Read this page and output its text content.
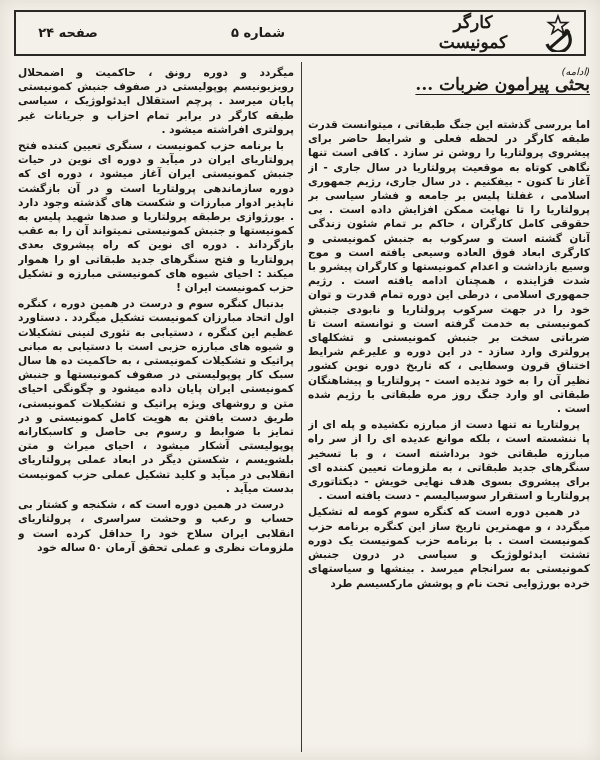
کارگر کمونیست
شماره ۵
صفحه ۲۴
(ادامه)
بحثی پیرامون ضربات ...

اما بررسی گذشته این جنگ طبقاتی ، میتوانست قدرت طبقه کارگر در لحظه فعلی و شرایط حاضر برای پیشروی پرولتاریا را روشن تر سازد . کافی است تنها نگاهی کوتاه به موقعیت پرولتاریا در سال جاری - از آغاز تا کنون - بیفکنیم . در سال جاری، رژیم جمهوری اسلامی ، غفلتا پلیس بر جامعه و فشار سیاسی بر پرولتاریا را تا نهایت ممکن افزایش داده است . بی حقوقی کامل کارگران ، حاکم بر تمام شئون زندگی آنان گشته است و سرکوب به جنبش کمونیستی و کارگری ابعاد فوق العاده وسیعی یافته است و موج وسیع بازداشت و اعدام کمونیستها و کارگران پیشرو با شدت فزاینده ، همچنان ادامه یافته است . رژیم جمهوری اسلامی ، درطی این دوره تمام قدرت و توان خود را در جهت سرکوب پرولتاریا و نابودی جنبش کمونیستی به خدمت گرفته است و توانسته است تا ضرباتی سخت بر جنبش کمونیستی و تشکلهای پرولتری وارد سازد - در این دوره و علیرغم شرایط اختناق قرون وسطایی ، که تاریخ دوره نوین کشور نظیر آن را به خود ندیده است - پرولتاریا و پیشاهنگان طبقاتی او وارد جنگ روز مره طبقاتی با رژیم شده است .

پرولتاریا نه تنها دست از مبارزه نکشیده و پله ای از پا ننشسته است ، بلکه موانع عدیده ای را از سر راه مبارزه طبقاتی خود برداشته است ، و با تسخیر سنگرهای جدید طبقاتی ، به ملزومات تعیین کننده ای برای پیشروی بسوی هدف نهایی خویش - دیکتاتوری پرولتاریا و استقرار سوسیالیسم - دست یافته است .

در همین دوره است که کنگره سوم کومه له تشکیل میگردد ، و مهمترین تاریخ ساز این کنگره برنامه حزب کمونیست است . با برنامه حزب کمونیست یک دوره تشتت ایدئولوژیک و سیاسی در درون جنبش کمونیستی به سرانجام میرسد . بینشها و سیاستهای خرده بورژوایی تحت نام و پوشش مارکسیسم طرد

میگردد و دوره رونق ، حاکمیت و اضمحلال رویزیونیسم پوپولیستی در صفوف جنبش کمونیستی پایان میرسد . پرچم استقلال ایدئولوژیک ، سیاسی طبقه کارگر در برابر تمام احزاب و جریانات غیر پرولتری افراشته میشود .

با برنامه حزب کمونیست ، سنگری تعیین کننده فتح پرولتاریای ایران در میآید و دوره ای نوین در حیات جنبش کمونیستی ایران آغاز میشود ، دوره ای که دوره سازماندهی پرولتاریا است و در آن بازگشت ناپذیر ادوار مبارزات و شکست های گذشته وجود دارد . بورژوازی برطبقه پرولتاریا و صدها شهید پلیس به کمونیستها و جنبش کمونیستی نمیتواند آن را به عقب بازگرداند . دوره ای نوین که راه پیشروی بعدی پرولتاریا و فتح سنگرهای جدید طبقاتی او را هموار میکند : احیای شیوه های کمونیستی مبارزه و تشکیل حزب کمونیست ایران !

بدنبال کنگره سوم و درست در همین دوره ، کنگره اول اتحاد مبارزان کمونیست تشکیل میگردد . دستاورد عظیم این کنگره ، دستیابی به تئوری لنینی تشکیلات و شیوه های مبارزه حزبی است با دستیابی به مبانی پراتیک و تشکیلات کمونیستی ، به حاکمیت ده ها سال سبک کار پوپولیستی در صفوف کمونیستها و جنبش کمونیستی ایران پایان داده میشود و چگونگی احیای متن و روشهای ویژه پراتیک و تشکیلات کمونیستی، طریق دست یافتن به هویت کامل کمونیستی و در تمایز با ضوابط و رسوم بی حاصل و کاسبکارانه پوپولیستی آشکار میشود ، احیای میراث و متن بلشویسم ، شکستن دیگر در ابعاد عملی پرولتاریای انقلابی در میآید و کلید تشکیل عملی حزب کمونیست بدست میآید .

درست در همین دوره است که ، شکنجه و کشتار بی حساب و رعب و وحشت سراسری ، پرولتاریای انقلابی ایران سلاح خود را حداقل کرده است و ملزومات نظری و عملی تحقق آرمان ۵۰ ساله خود
